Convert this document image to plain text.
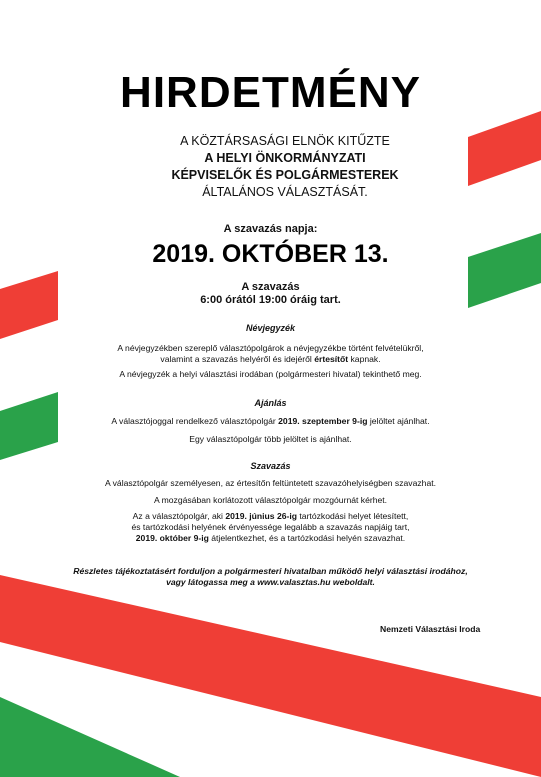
HIRDETMÉNY
A KÖZTÁRSASÁGI ELNÖK KITŰZTE
A HELYI ÖNKORMÁNYZATI
KÉPVISELŐK ÉS POLGÁRMESTEREK
ÁLTALÁNOS VÁLASZTÁSÁT.
A szavazás napja:
2019. OKTÓBER 13.
A szavazás
6:00 órától 19:00 óráig tart.
Névjegyzék
A névjegyzékben szereplő választópolgárok a névjegyzékbe történt felvételükről,
valamint a szavazás helyéről és idejéről értesítőt kapnak.
A névjegyzék a helyi választási irodában (polgármesteri hivatal) tekinthető meg.
Ajánlás
A választójoggal rendelkező választópolgár 2019. szeptember 9-ig jelöltet ajánlhat.
Egy választópolgár több jelöltet is ajánlhat.
Szavazás
A választópolgár személyesen, az értesítőn feltüntetett szavazóhelyiségben szavazhat.
A mozgásában korlátozott választópolgár mozgóurnát kérhet.
Az a választópolgár, aki 2019. június 26-ig tartózkodási helyet létesített,
és tartózkodási helyének érvényessége legalább a szavazás napjáig tart,
2019. október 9-ig átjelentkezhet, és a tartózkodási helyén szavazhat.
Részletes tájékoztatásért forduljon a polgármesteri hivatalban működő helyi választási irodához,
vagy látogassa meg a www.valasztas.hu weboldalt.
Nemzeti Választási Iroda
